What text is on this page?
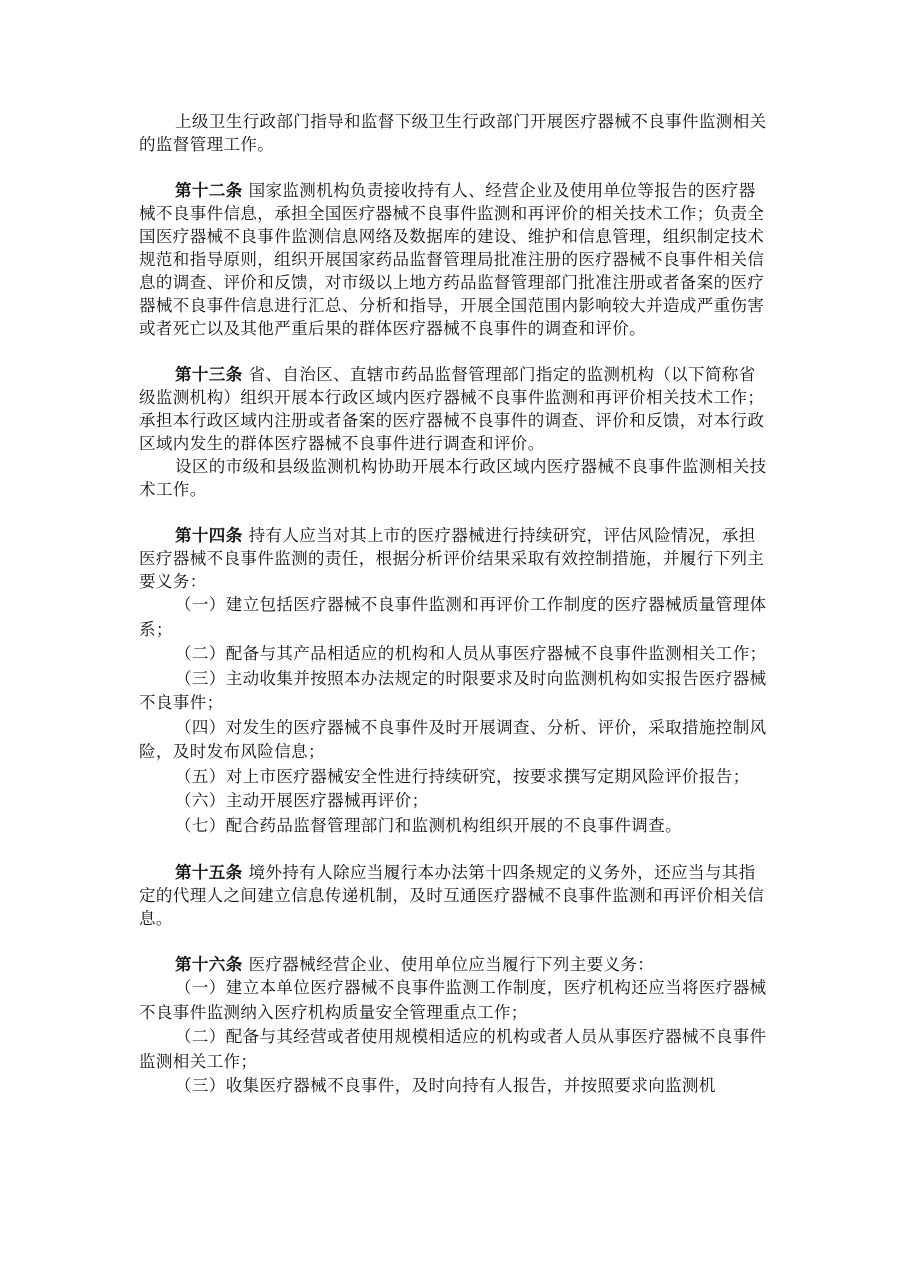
上级卫生行政部门指导和监督下级卫生行政部门开展医疗器械不良事件监测相关的监督管理工作。

第十二条 国家监测机构负责接收持有人、经营企业及使用单位等报告的医疗器械不良事件信息，承担全国医疗器械不良事件监测和再评价的相关技术工作；负责全国医疗器械不良事件监测信息网络及数据库的建设、维护和信息管理，组织制定技术规范和指导原则，组织开展国家药品监督管理局批准注册的医疗器械不良事件相关信息的调查、评价和反馈，对市级以上地方药品监督管理部门批准注册或者备案的医疗器械不良事件信息进行汇总、分析和指导，开展全国范围内影响较大并造成严重伤害或者死亡以及其他严重后果的群体医疗器械不良事件的调查和评价。

第十三条 省、自治区、直辖市药品监督管理部门指定的监测机构（以下简称省级监测机构）组织开展本行政区域内医疗器械不良事件监测和再评价相关技术工作；承担本行政区域内注册或者备案的医疗器械不良事件的调查、评价和反馈，对本行政区域内发生的群体医疗器械不良事件进行调查和评价。

设区的市级和县级监测机构协助开展本行政区域内医疗器械不良事件监测相关技术工作。

第十四条 持有人应当对其上市的医疗器械进行持续研究，评估风险情况，承担医疗器械不良事件监测的责任，根据分析评价结果采取有效控制措施，并履行下列主要义务：

（一）建立包括医疗器械不良事件监测和再评价工作制度的医疗器械质量管理体系；

（二）配备与其产品相适应的机构和人员从事医疗器械不良事件监测相关工作；

（三）主动收集并按照本办法规定的时限要求及时向监测机构如实报告医疗器械不良事件；

（四）对发生的医疗器械不良事件及时开展调查、分析、评价，采取措施控制风险，及时发布风险信息；

（五）对上市医疗器械安全性进行持续研究，按要求撰写定期风险评价报告；

（六）主动开展医疗器械再评价；

（七）配合药品监督管理部门和监测机构组织开展的不良事件调查。

第十五条 境外持有人除应当履行本办法第十四条规定的义务外，还应当与其指定的代理人之间建立信息传递机制，及时互通医疗器械不良事件监测和再评价相关信息。

第十六条 医疗器械经营企业、使用单位应当履行下列主要义务：

（一）建立本单位医疗器械不良事件监测工作制度，医疗机构还应当将医疗器械不良事件监测纳入医疗机构质量安全管理重点工作；

（二）配备与其经营或者使用规模相适应的机构或者人员从事医疗器械不良事件监测相关工作；

（三）收集医疗器械不良事件，及时向持有人报告，并按照要求向监测机
